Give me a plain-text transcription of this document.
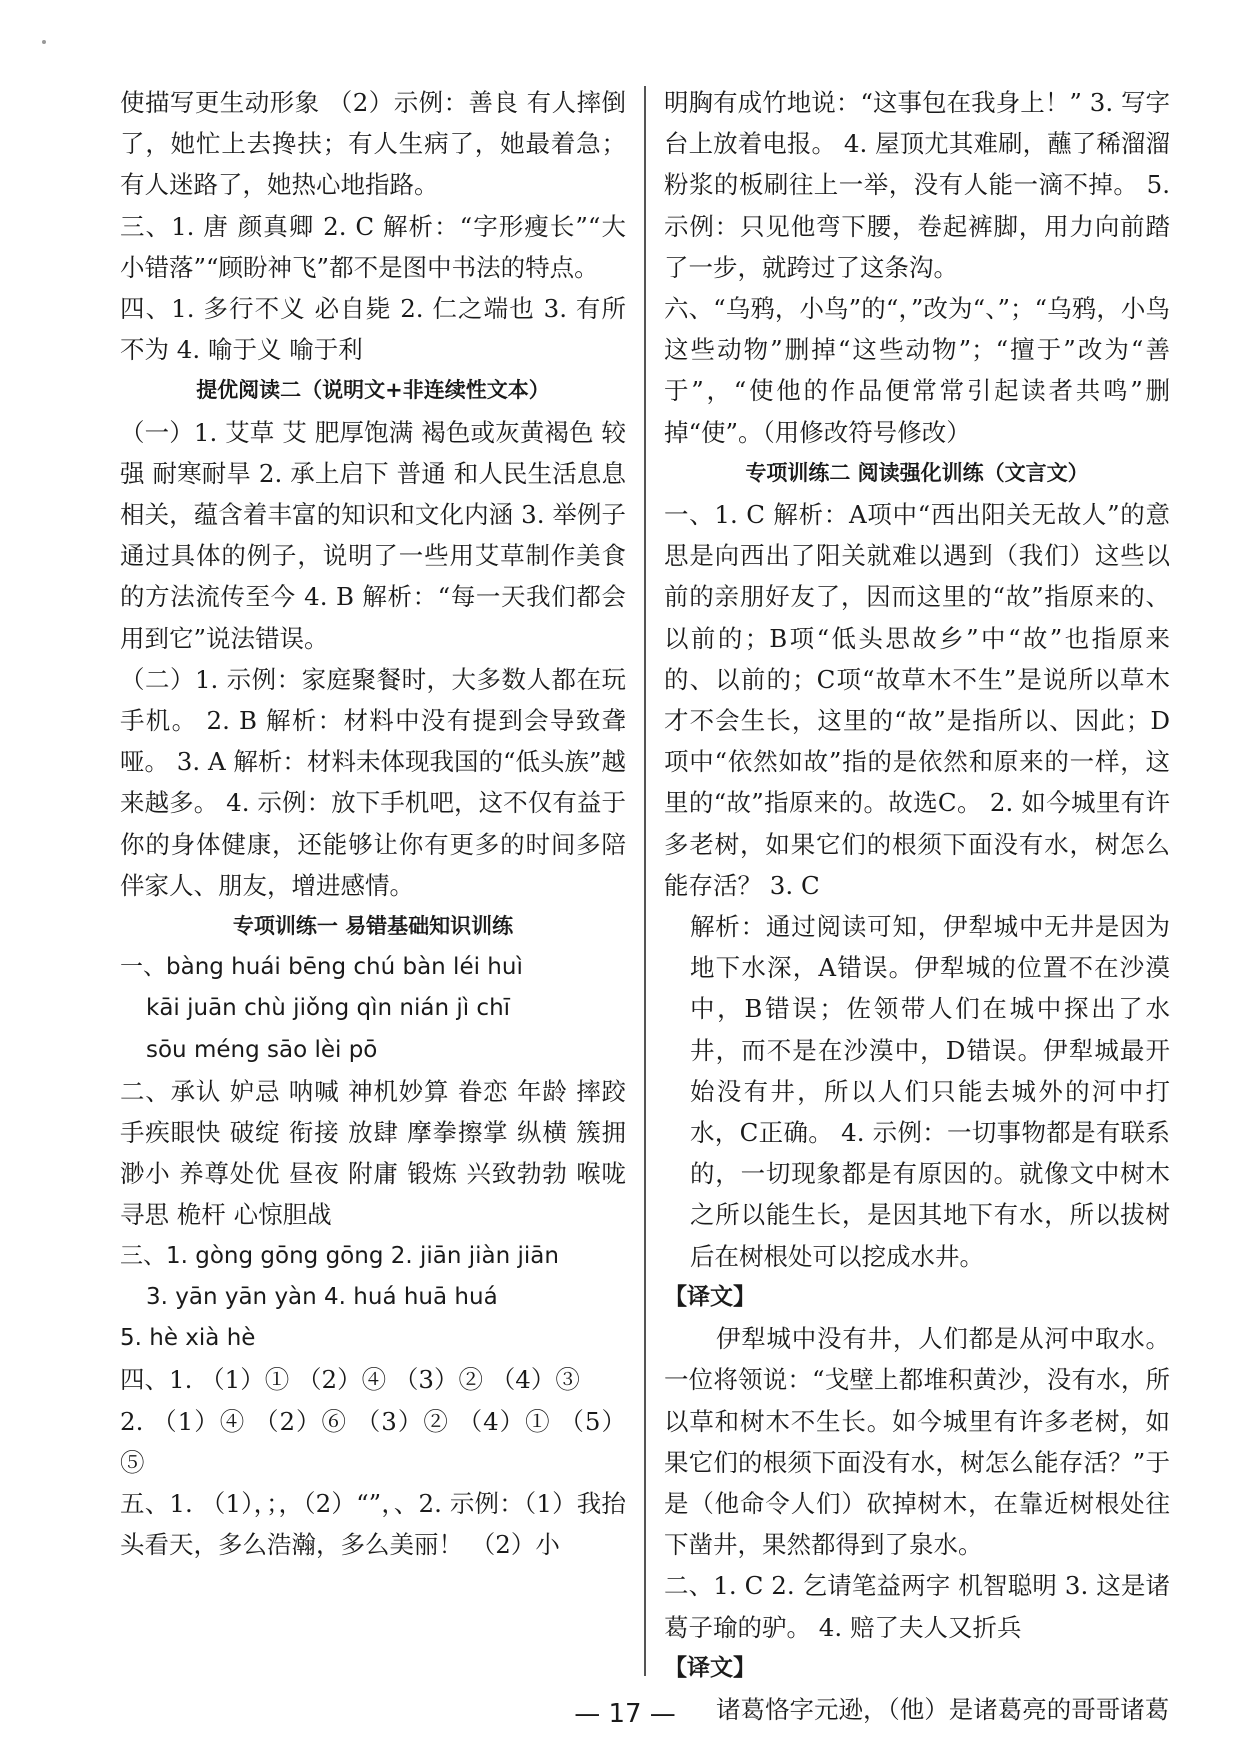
使描写更生动形象 （2）示例：善良 有人摔倒了，她忙上去搀扶；有人生病了，她最着急；有人迷路了，她热心地指路。

三、1. 唐 颜真卿 2. C 解析：“字形瘦长”“大小错落”“顾盼神飞”都不是图中书法的特点。

四、1. 多行不义 必自毙 2. 仁之端也 3. 有所不为 4. 喻于义 喻于利

提优阅读二（说明文+非连续性文本）

（一）1. 艾草 艾 肥厚饱满 褐色或灰黄褐色 较强 耐寒耐旱 2. 承上启下 普通 和人民生活息息相关，蕴含着丰富的知识和文化内涵 3. 举例子 通过具体的例子，说明了一些用艾草制作美食的方法流传至今 4. B 解析：“每一天我们都会用到它”说法错误。

（二）1. 示例：家庭聚餐时，大多数人都在玩手机。 2. B 解析：材料中没有提到会导致聋哑。 3. A 解析：材料未体现我国的“低头族”越来越多。 4. 示例：放下手机吧，这不仅有益于你的身体健康，还能够让你有更多的时间多陪伴家人、朋友，增进感情。

专项训练一 易错基础知识训练

一、bàng huái bēng chú bàn léi huì

kāi juān chù jiǒng qìn nián jì chī

sōu méng sāo lèi pō

二、承认 妒忌 呐喊 神机妙算 眷恋 年龄 摔跤 手疾眼快 破绽 衔接 放肆 摩拳擦掌 纵横 簇拥 渺小 养尊处优 昼夜 附庸 锻炼 兴致勃勃 喉咙 寻思 桅杆 心惊胆战

三、1. gòng gōng gōng 2. jiān jiàn jiān

3. yān yān yàn 4. huá huā huá

5. hè xià hè

四、1. （1）① （2）④ （3）② （4）③

2. （1）④ （2）⑥ （3）② （4）① （5）⑤

五、1. （1），；，（2）“”，、2. 示例：（1）我抬头看天，多么浩瀚，多么美丽！ （2）小

明胸有成竹地说：“这事包在我身上！” 3. 写字台上放着电报。 4. 屋顶尤其难刷，蘸了稀溜溜粉浆的板刷往上一举，没有人能一滴不掉。 5. 示例：只见他弯下腰，卷起裤脚，用力向前踏了一步，就跨过了这条沟。

六、“乌鸦，小鸟”的“，”改为“、”；“乌鸦，小鸟这些动物”删掉“这些动物”；“擅于”改为“善于”，“使他的作品便常常引起读者共鸣”删掉“使”。（用修改符号修改）

专项训练二 阅读强化训练（文言文）

一、1. C 解析：A项中“西出阳关无故人”的意思是向西出了阳关就难以遇到（我们）这些以前的亲朋好友了，因而这里的“故”指原来的、以前的；B项“低头思故乡”中“故”也指原来的、以前的；C项“故草木不生”是说所以草木才不会生长，这里的“故”是指所以、因此；D项中“依然如故”指的是依然和原来的一样，这里的“故”指原来的。故选C。 2. 如今城里有许多老树，如果它们的根须下面没有水，树怎么能存活？ 3. C

解析：通过阅读可知，伊犁城中无井是因为地下水深，A错误。伊犁城的位置不在沙漠中，B错误；佐领带人们在城中探出了水井，而不是在沙漠中，D错误。伊犁城最开始没有井，所以人们只能去城外的河中打水，C正确。 4. 示例：一切事物都是有联系的，一切现象都是有原因的。就像文中树木之所以能生长，是因其地下有水，所以拔树后在树根处可以挖成水井。

【译文】

伊犁城中没有井，人们都是从河中取水。一位将领说：“戈壁上都堆积黄沙，没有水，所以草和树木不生长。如今城里有许多老树，如果它们的根须下面没有水，树怎么能存活？”于是（他命令人们）砍掉树木，在靠近树根处往下凿井，果然都得到了泉水。

二、1. C 2. 乞请笔益两字 机智聪明 3. 这是诸葛子瑜的驴。 4. 赔了夫人又折兵

【译文】

诸葛恪字元逊，（他）是诸葛亮的哥哥诸葛

— 17 —
